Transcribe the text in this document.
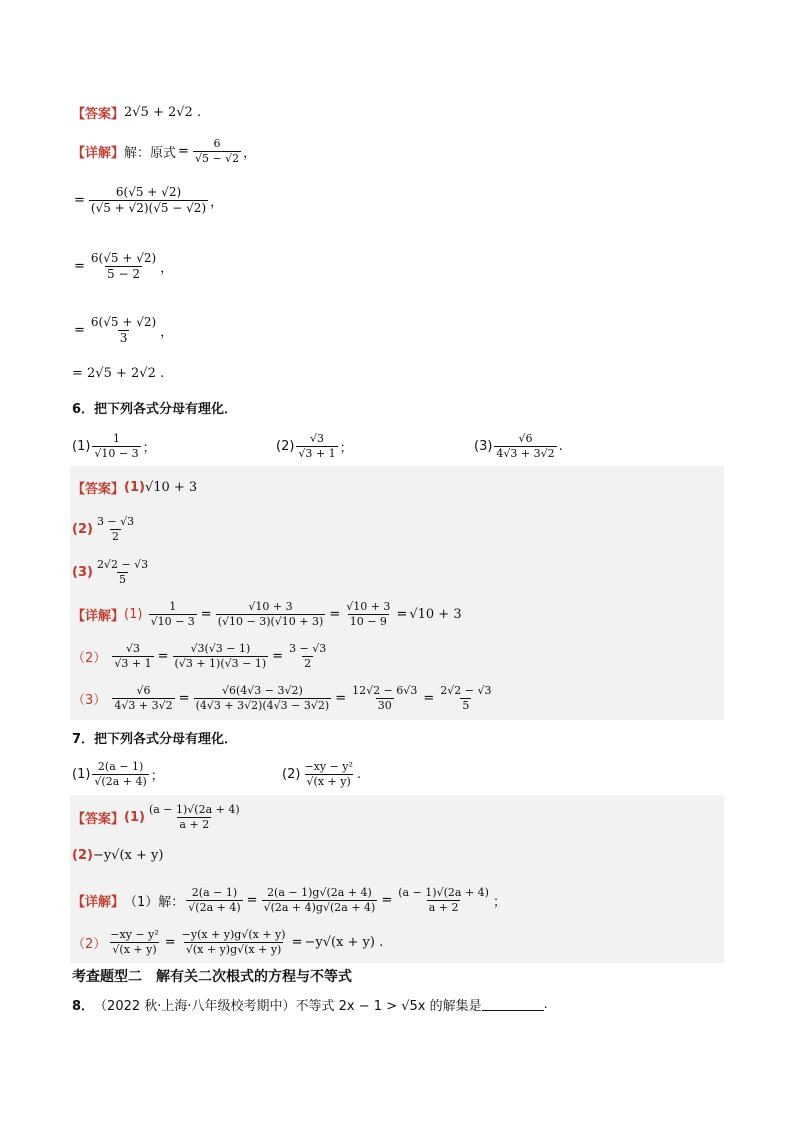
【答案】 2√5 + 2√2 .
【详解】 解：原式 = $\frac{6}{√5 - √2}$ ，
= $\frac{6(√5 + √2)}{(√5 + √2)(√5 - √2)}$ ，
= $\frac{6(√5 + √2)}{5 - 2}$ ，
= $\frac{6(√5 + √2)}{3}$ ，
= 2√5 + 2√2 .
6．把下列各式分母有理化．
$(1) \frac{1}{√10 - 3}$ ；	$(2) \frac{√3}{√3 + 1}$ ；	$(3) \frac{√6}{4√3 + 3√2}$ .
【答案】 (1) √10 + 3
$(2) \frac{3 - √3}{2}$
$(3) \frac{2√2 - √3}{5}$
【详解】 (1)
$\frac{1}{√10 - 3} = \frac{√10 + 3}{(√10 - 3)(√10 + 3)} = \frac{√10 + 3}{10 - 9} = √10 + 3$
（2）
$\frac{√3}{√3 + 1} = \frac{√3(√3 - 1)}{(√3 + 1)(√3 - 1)} = \frac{3 - √3}{2}$
（3）
$\frac{√6}{4√3 + 3√2} = \frac{√6(4√3 - 3√2)}{(4√3 + 3√2)(4√3 - 3√2)} = \frac{12√2 - 6√3}{30} = \frac{2√2 - √3}{5}$
7．把下列各式分母有理化．
$(1) \frac{2(a - 1)}{√(2a + 4)}$ ；	$(2) \frac{\text{−xy − y²}}{√(x + y)}$ .
【答案】 $(1) \frac{(a - 1)√(2a + 4)}{a + 2}$
(2) −y√(x + y)
【详解】 （1）解： $\frac{2(a - 1)}{√(2a + 4)} = \frac{2(a - 1)g√(2a + 4)}{√(2a + 4)g√(2a + 4)} = \frac{(a - 1)√(2a + 4)}{a + 2}$ ；
$(2) \frac{\text{−xy − y²}}{√(x + y)} = \frac{-y(x + y)g√(x + y)}{√(x + y)g√(x + y)} = -y√(x + y)$ .
考查题型二　解有关二次根式的方程与不等式
8． （2022 秋·上海·八年级校考期中） 不等式 2x − 1 > √5x 的解集是	.
